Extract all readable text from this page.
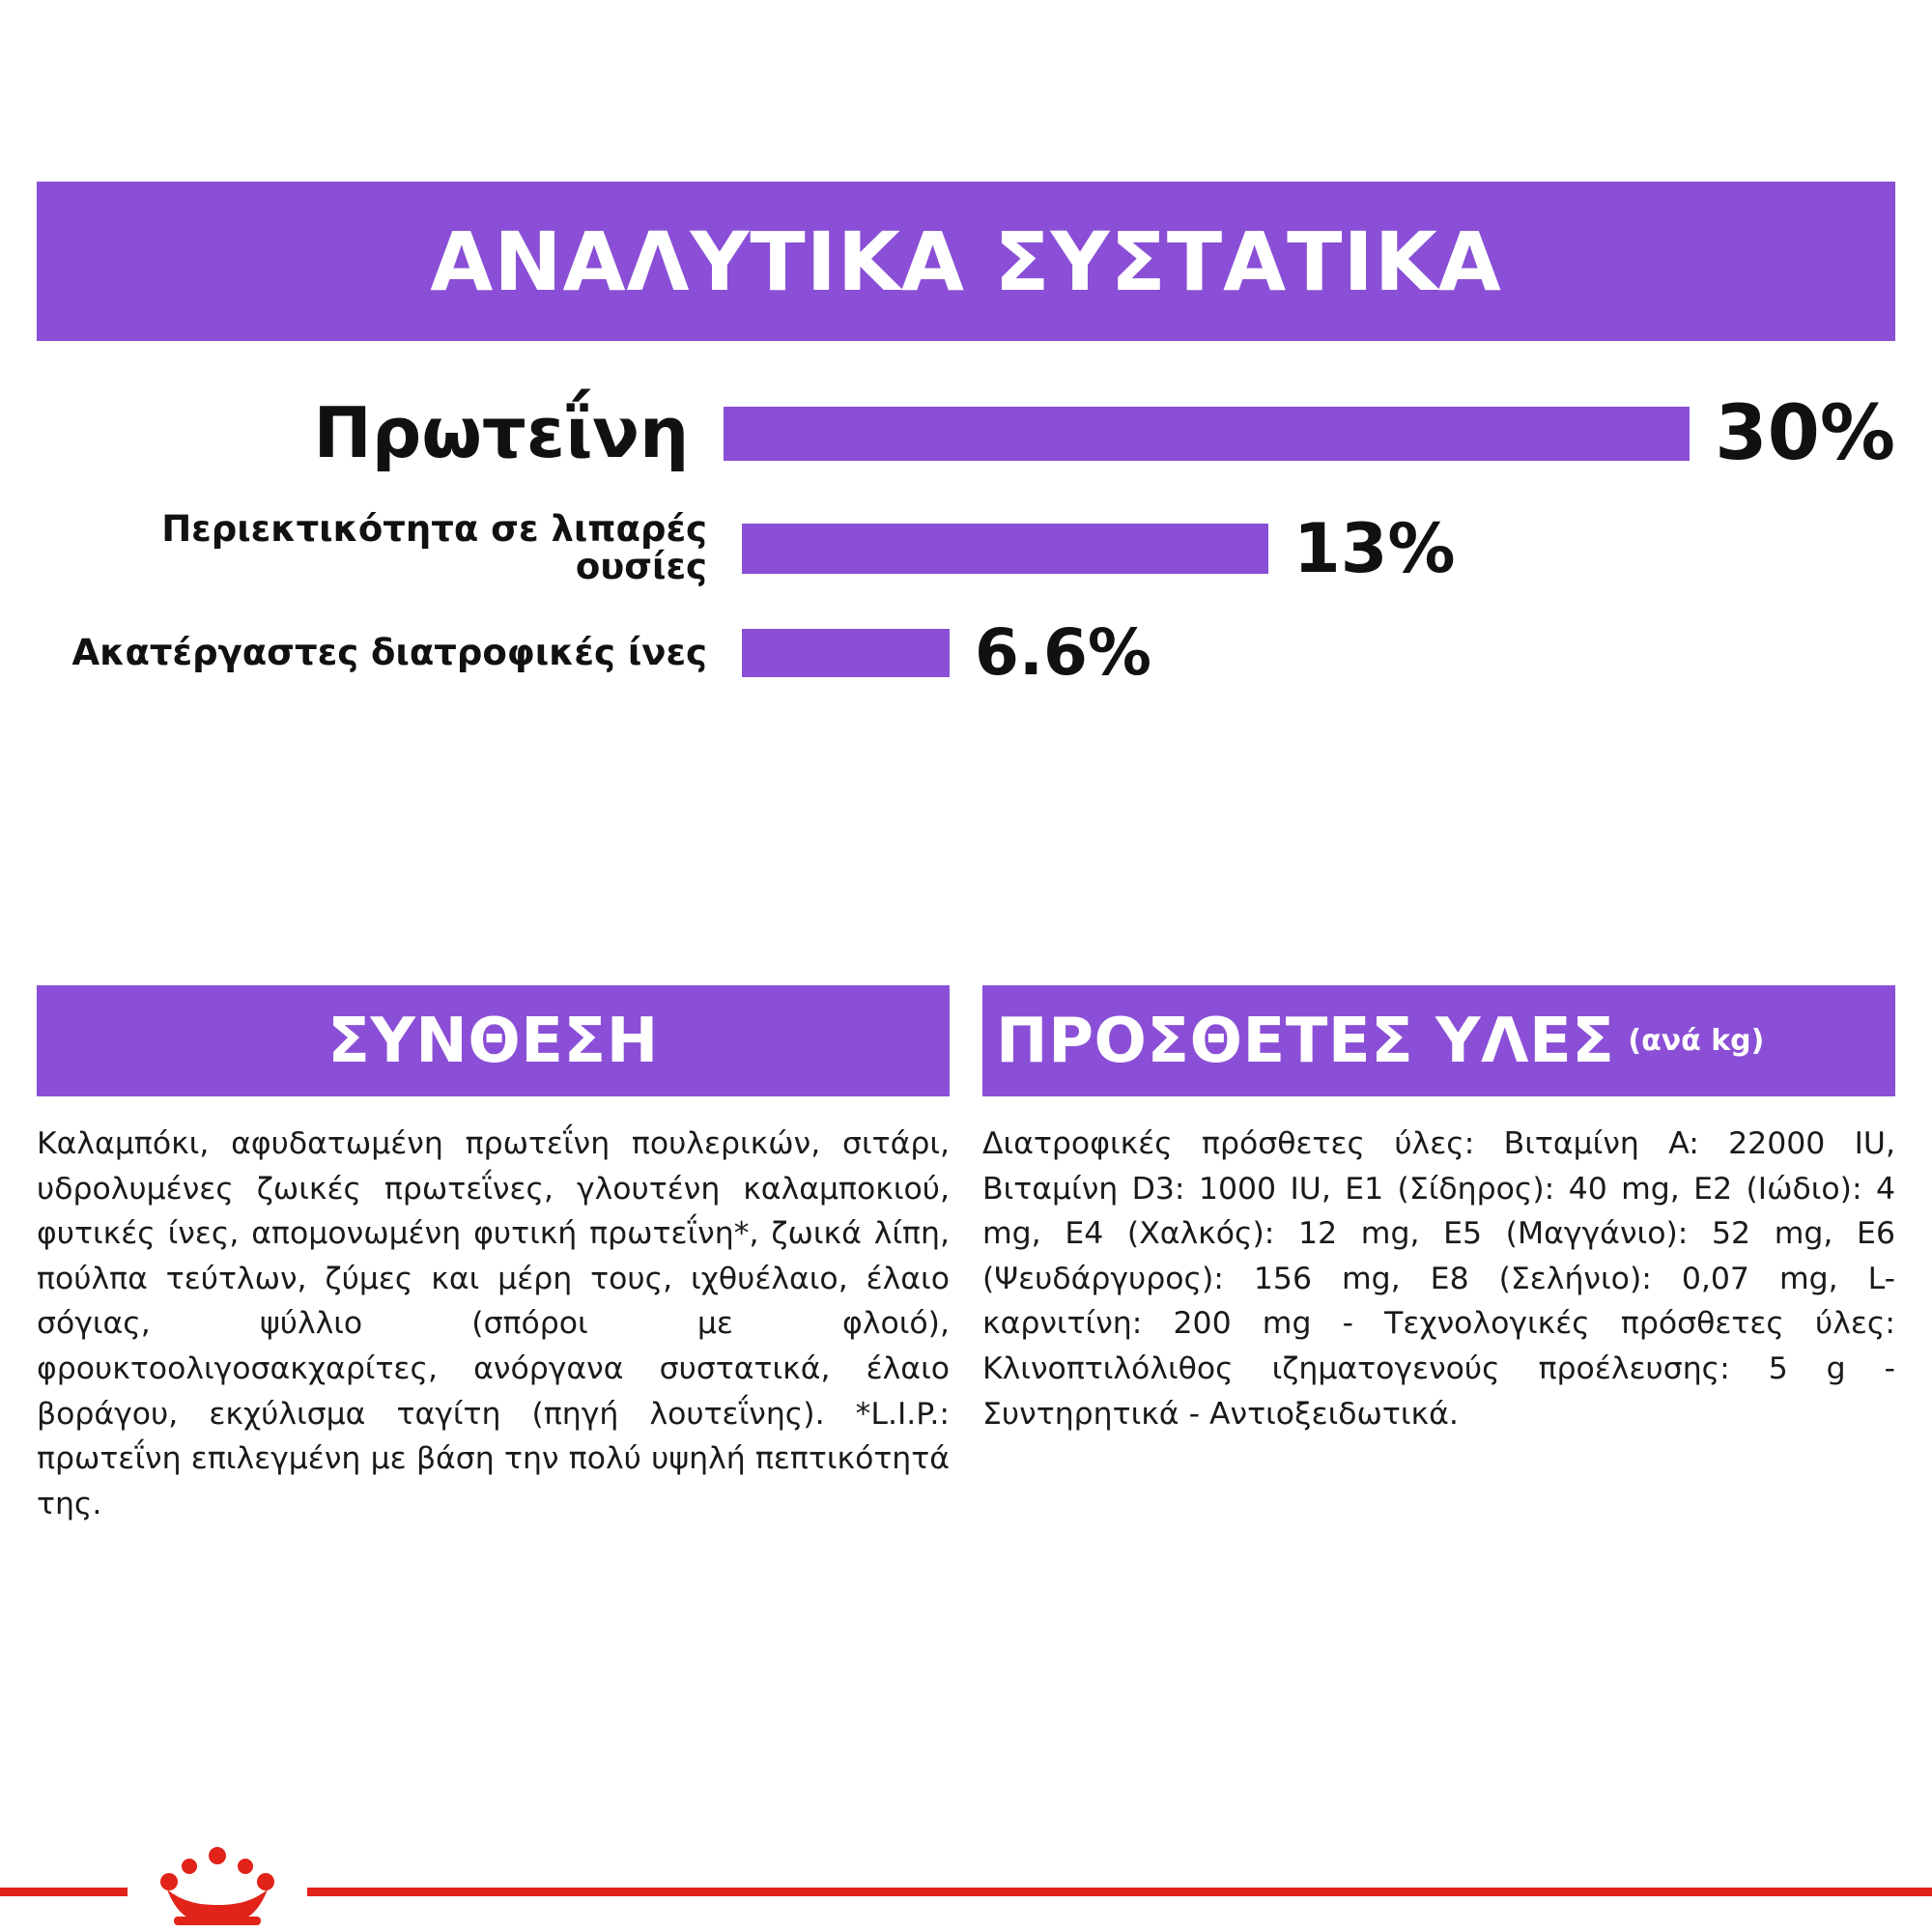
ΑΝΑΛΥΤΙΚΑ ΣΥΣΤΑΤΙΚΑ
Πρωτεΐνη	30%
Περιεκτικότητα σε λιπαρές ουσίες	13%
Ακατέργαστες διατροφικές ίνες	6.6%
ΣΥΝΘΕΣΗ

Καλαμπόκι, αφυδατωμένη πρωτεΐνη πουλερικών, σιτάρι, υδρολυμένες ζωικές πρωτεΐνες, γλουτένη καλαμποκιού, φυτικές ίνες, απομονωμένη φυτική πρωτεΐνη*, ζωικά λίπη, πούλπα τεύτλων, ζύμες και μέρη τους, ιχθυέλαιο, έλαιο σόγιας, ψύλλιο (σπόροι με φλοιό), φρουκτοολιγοσακχαρίτες, ανόργανα συστατικά, έλαιο βοράγου, εκχύλισμα ταγίτη (πηγή λουτεΐνης). *L.I.P.: πρωτεΐνη επιλεγμένη με βάση την πολύ υψηλή πεπτικότητά της.

ΠΡΟΣΘΕΤΕΣ ΥΛΕΣ (ανά kg)

Διατροφικές πρόσθετες ύλες: Βιταμίνη A: 22000 IU, Βιταμίνη D3: 1000 IU, E1 (Σίδηρος): 40 mg, E2 (Ιώδιο): 4 mg, E4 (Χαλκός): 12 mg, E5 (Μαγγάνιο): 52 mg, E6 (Ψευδάργυρος): 156 mg, E8 (Σελήνιο): 0,07 mg, L-καρνιτίνη: 200 mg - Τεχνολογικές πρόσθετες ύλες: Κλινοπτιλόλιθος ιζηματογενούς προέλευσης: 5 g - Συντηρητικά - Αντιοξειδωτικά.
